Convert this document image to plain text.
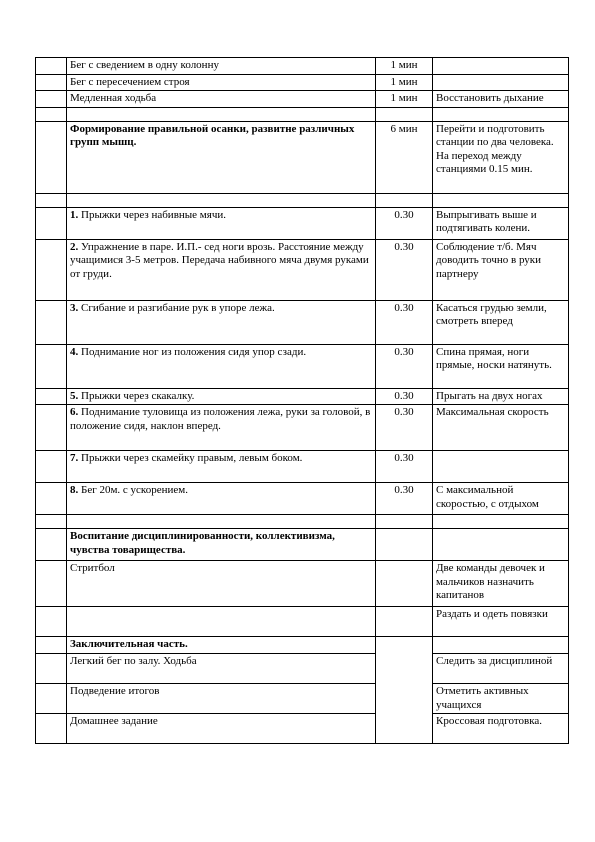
	Бег с сведением в одну колонну	1 мин	
	Бег с пересечением строя	1 мин	
	Медленная ходьба	1 мин	Восстановить дыхание

	Формирование правильной осанки, развитне различных групп мышц.	6 мин	Перейти и подготовить станции по два человека. На переход между станциями 0.15 мин.

	1. Прыжки через набивные мячи.	0.30	Выпрыгивать выше и подтягивать колени.
	2. Упражнение в паре. И.П.- сед ноги врозь. Расстояние между учащимися 3-5 метров. Передача набивного мяча двумя руками от груди.	0.30	Соблюдение т/б. Мяч доводить точно в руки партнеру
	3. Сгибание и разгибание рук в упоре лежа.	0.30	Касаться грудью земли, смотреть вперед
	4. Поднимание ног из положения сидя упор сзади.	0.30	Спина прямая, ноги прямые, носки натянуть.
	5. Прыжки через скакалку.	0.30	Прыгать на двух ногах
	6. Поднимание туловища из положения лежа, руки за головой, в положение сидя, наклон вперед.	0.30	Максимальная скорость
	7. Прыжки через скамейку правым, левым боком.	0.30	
	8. Бег 20м. с ускорением.	0.30	С максимальной скоростью, с отдыхом

	Воспитание дисциплинированности, коллективизма, чувства товарищества.		
	Стритбол		Две команды девочек и мальчиков назначить капитанов
			Раздать и одеть повязки
	Заключительная часть.		
	Легкий бег по залу. Ходьба		Следить за дисциплиной
	Подведение итогов		Отметить активных учащихся
	Домашнее задание		Кроссовая подготовка.
